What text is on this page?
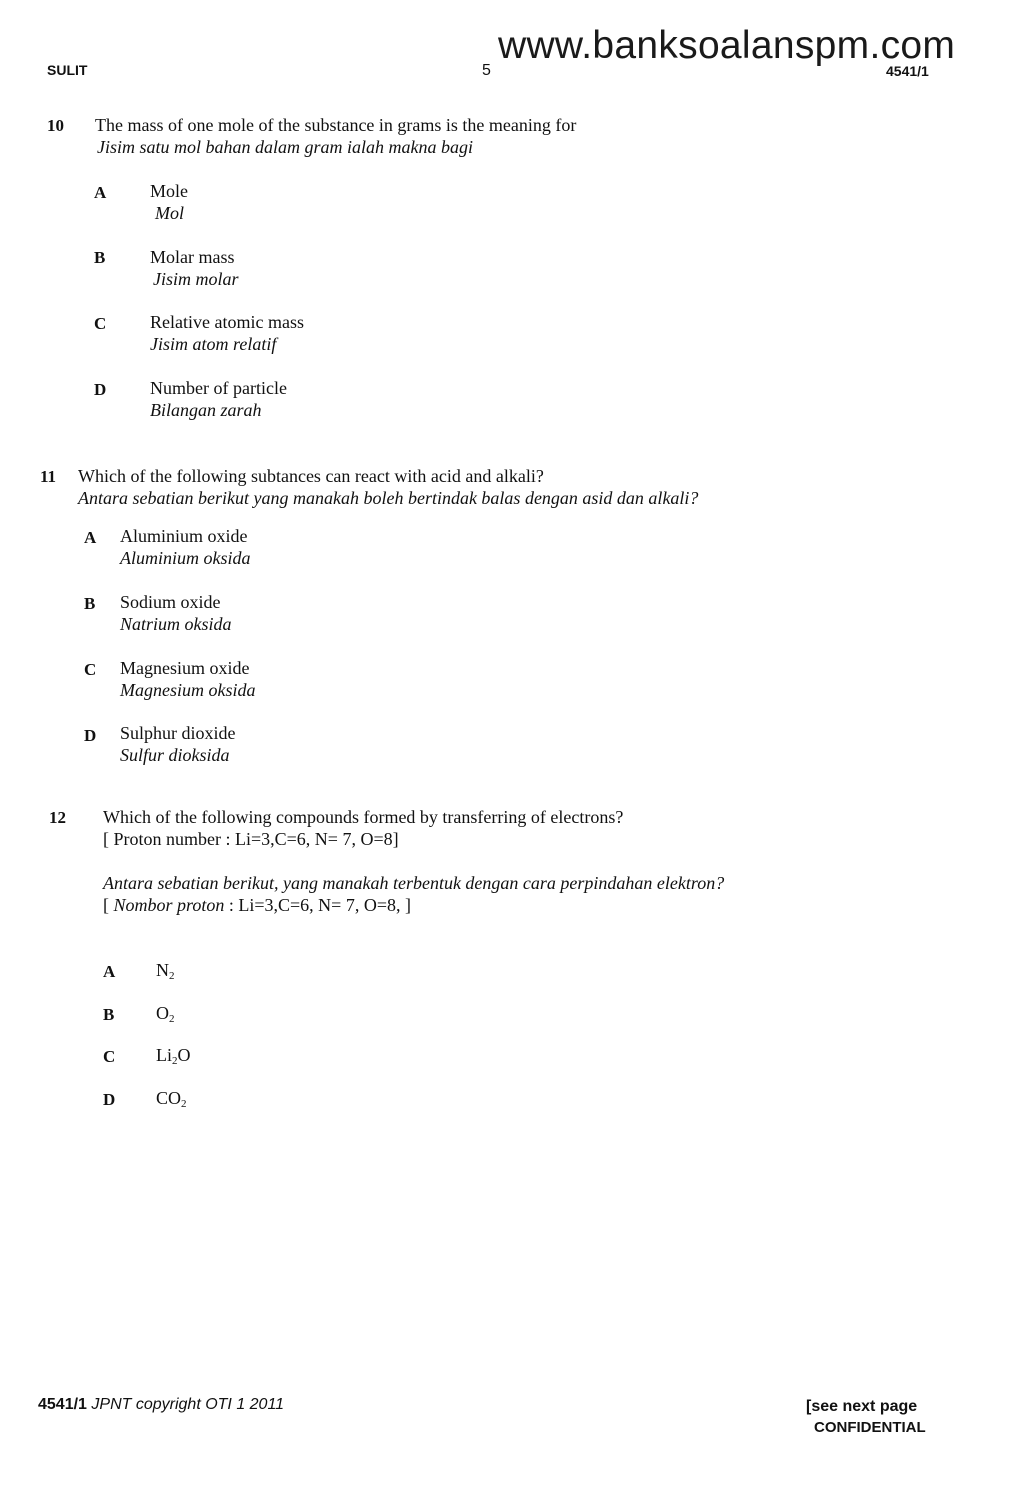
www.banksoalanspm.com
SULIT	5	4541/1
10 The mass of one mole of the substance in grams is the meaning for
Jisim satu mol bahan dalam gram ialah makna bagi
A Mole
Mol
B Molar mass
Jisim molar
C Relative atomic mass
Jisim atom relatif
D Number of particle
Bilangan zarah
11 Which of the following subtances can react with acid and alkali?
Antara sebatian berikut yang manakah boleh bertindak balas dengan asid dan alkali?
A Aluminium oxide
Aluminium oksida
B Sodium oxide
Natrium oksida
C Magnesium oxide
Magnesium oksida
D Sulphur dioxide
Sulfur dioksida
12 Which of the following compounds formed by transferring of electrons?
[ Proton number : Li=3,C=6, N= 7, O=8]
Antara sebatian berikut, yang manakah terbentuk dengan cara perpindahan elektron?
[ Nombor proton : Li=3,C=6, N= 7, O=8, ]
A $N_2$
B $O_2$
C $Li_2O$
D $CO_2$
4541/1 JPNT copyright OTI 1 2011	[see next page
CONFIDENTIAL
